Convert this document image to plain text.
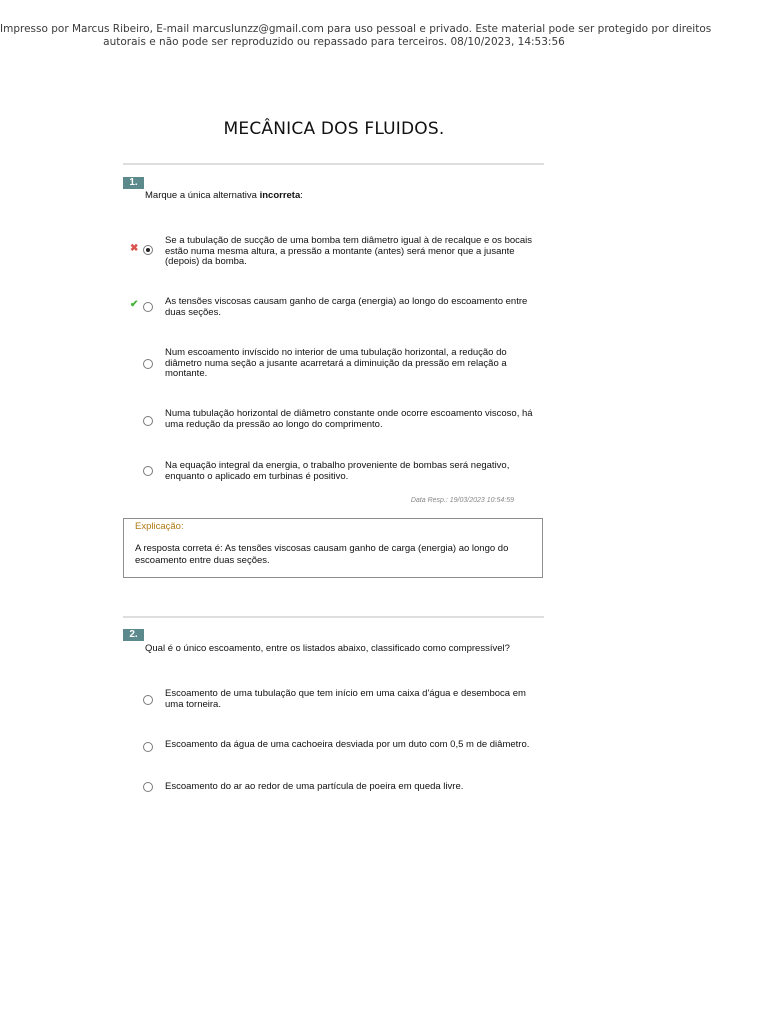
Impresso por Marcus Ribeiro, E-mail marcuslunzz@gmail.com para uso pessoal e privado. Este material pode ser protegido por direitos
autorais e não pode ser reproduzido ou repassado para terceiros. 08/10/2023, 14:53:56
MECÂNICA DOS FLUIDOS.
1.
Marque a única alternativa incorreta:
✖
Se a tubulação de sucção de uma bomba tem diâmetro igual à de recalque e os bocais estão numa mesma altura, a pressão a montante (antes) será menor que a jusante (depois) da bomba.
✔	As tensões viscosas causam ganho de carga (energia) ao longo do escoamento entre duas seções.
Num escoamento invíscido no interior de uma tubulação horizontal, a redução do diâmetro numa seção a jusante acarretará a diminuição da pressão em relação a montante.
Numa tubulação horizontal de diâmetro constante onde ocorre escoamento viscoso, há uma redução da pressão ao longo do comprimento.
Na equação integral da energia, o trabalho proveniente de bombas será negativo, enquanto o aplicado em turbinas é positivo.
Data Resp.: 19/03/2023 10:54:59
Explicação:
A resposta correta é: As tensões viscosas causam ganho de carga (energia) ao longo do escoamento entre duas seções.
2.
Qual é o único escoamento, entre os listados abaixo, classificado como compressível?
Escoamento de uma tubulação que tem início em uma caixa d'água e desemboca em uma torneira.
Escoamento da água de uma cachoeira desviada por um duto com 0,5 m de diâmetro.
Escoamento do ar ao redor de uma partícula de poeira em queda livre.
